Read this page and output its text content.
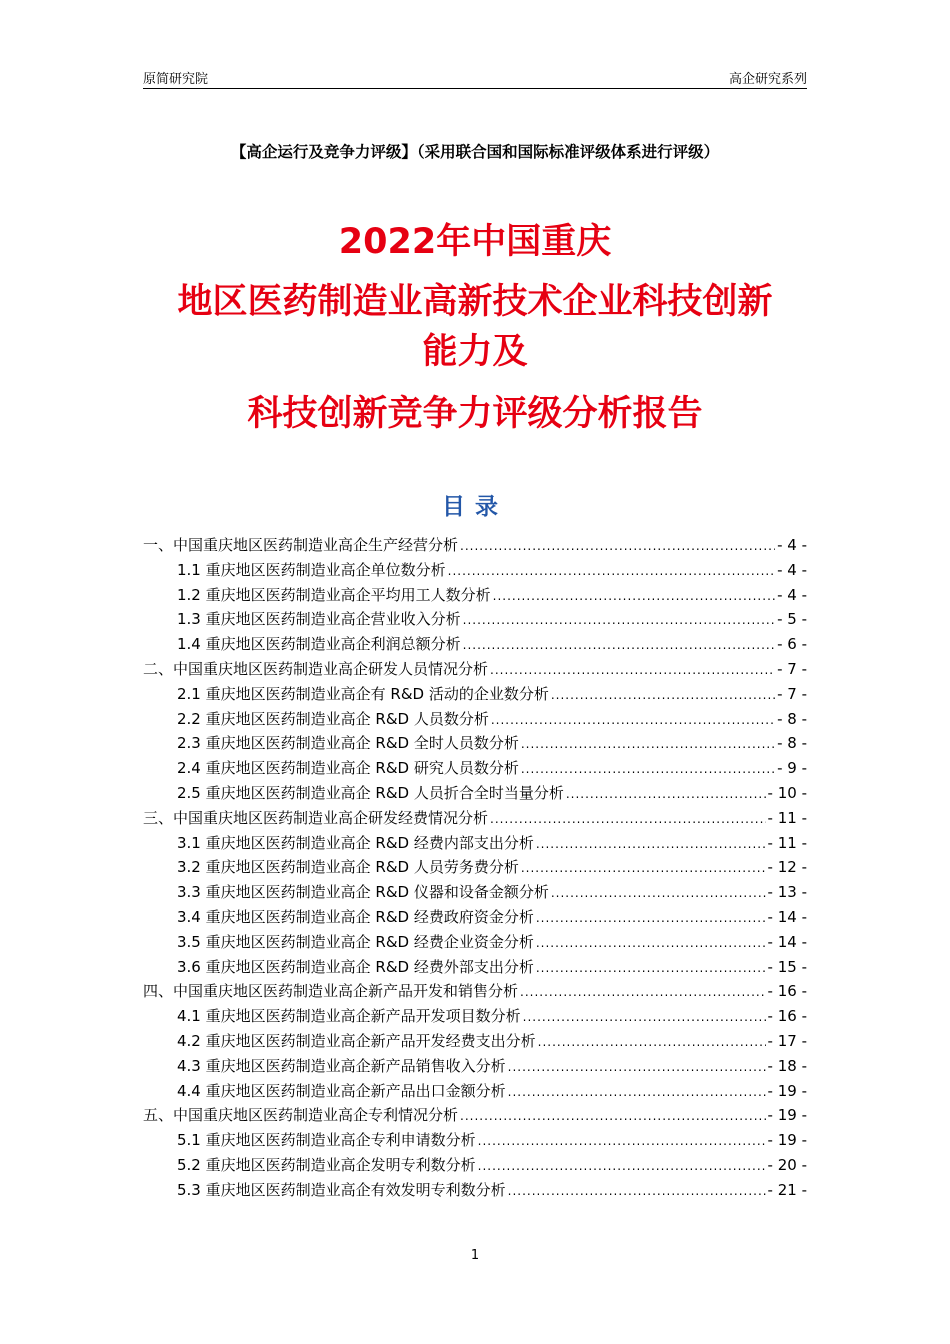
原简研究院	高企研究系列
【高企运行及竞争力评级】（采用联合国和国际标准评级体系进行评级）
2022年中国重庆
地区医药制造业高新技术企业科技创新
能力及
科技创新竞争力评级分析报告
目录
一、中国重庆地区医药制造业高企生产经营分析 .....	- 4 -
1.1 重庆地区医药制造业高企单位数分析 .....	- 4 -
1.2 重庆地区医药制造业高企平均用工人数分析 .....	- 4 -
1.3 重庆地区医药制造业高企营业收入分析 .....	- 5 -
1.4 重庆地区医药制造业高企利润总额分析 .....	- 6 -
二、中国重庆地区医药制造业高企研发人员情况分析 .....	- 7 -
2.1 重庆地区医药制造业高企有 R&D 活动的企业数分析 .....	- 7 -
2.2 重庆地区医药制造业高企 R&D 人员数分析 .....	- 8 -
2.3 重庆地区医药制造业高企 R&D 全时人员数分析 .....	- 8 -
2.4 重庆地区医药制造业高企 R&D 研究人员数分析 .....	- 9 -
2.5 重庆地区医药制造业高企 R&D 人员折合全时当量分析 .....	- 10 -
三、中国重庆地区医药制造业高企研发经费情况分析 .....	- 11 -
3.1 重庆地区医药制造业高企 R&D 经费内部支出分析 .....	- 11 -
3.2 重庆地区医药制造业高企 R&D 人员劳务费分析 .....	- 12 -
3.3 重庆地区医药制造业高企 R&D 仪器和设备金额分析 .....	- 13 -
3.4 重庆地区医药制造业高企 R&D 经费政府资金分析 .....	- 14 -
3.5 重庆地区医药制造业高企 R&D 经费企业资金分析 .....	- 14 -
3.6 重庆地区医药制造业高企 R&D 经费外部支出分析 .....	- 15 -
四、中国重庆地区医药制造业高企新产品开发和销售分析 .....	- 16 -
4.1 重庆地区医药制造业高企新产品开发项目数分析 .....	- 16 -
4.2 重庆地区医药制造业高企新产品开发经费支出分析 .....	- 17 -
4.3 重庆地区医药制造业高企新产品销售收入分析 .....	- 18 -
4.4 重庆地区医药制造业高企新产品出口金额分析 .....	- 19 -
五、中国重庆地区医药制造业高企专利情况分析 .....	- 19 -
5.1 重庆地区医药制造业高企专利申请数分析 .....	- 19 -
5.2 重庆地区医药制造业高企发明专利数分析 .....	- 20 -
5.3 重庆地区医药制造业高企有效发明专利数分析 .....	- 21 -
1
